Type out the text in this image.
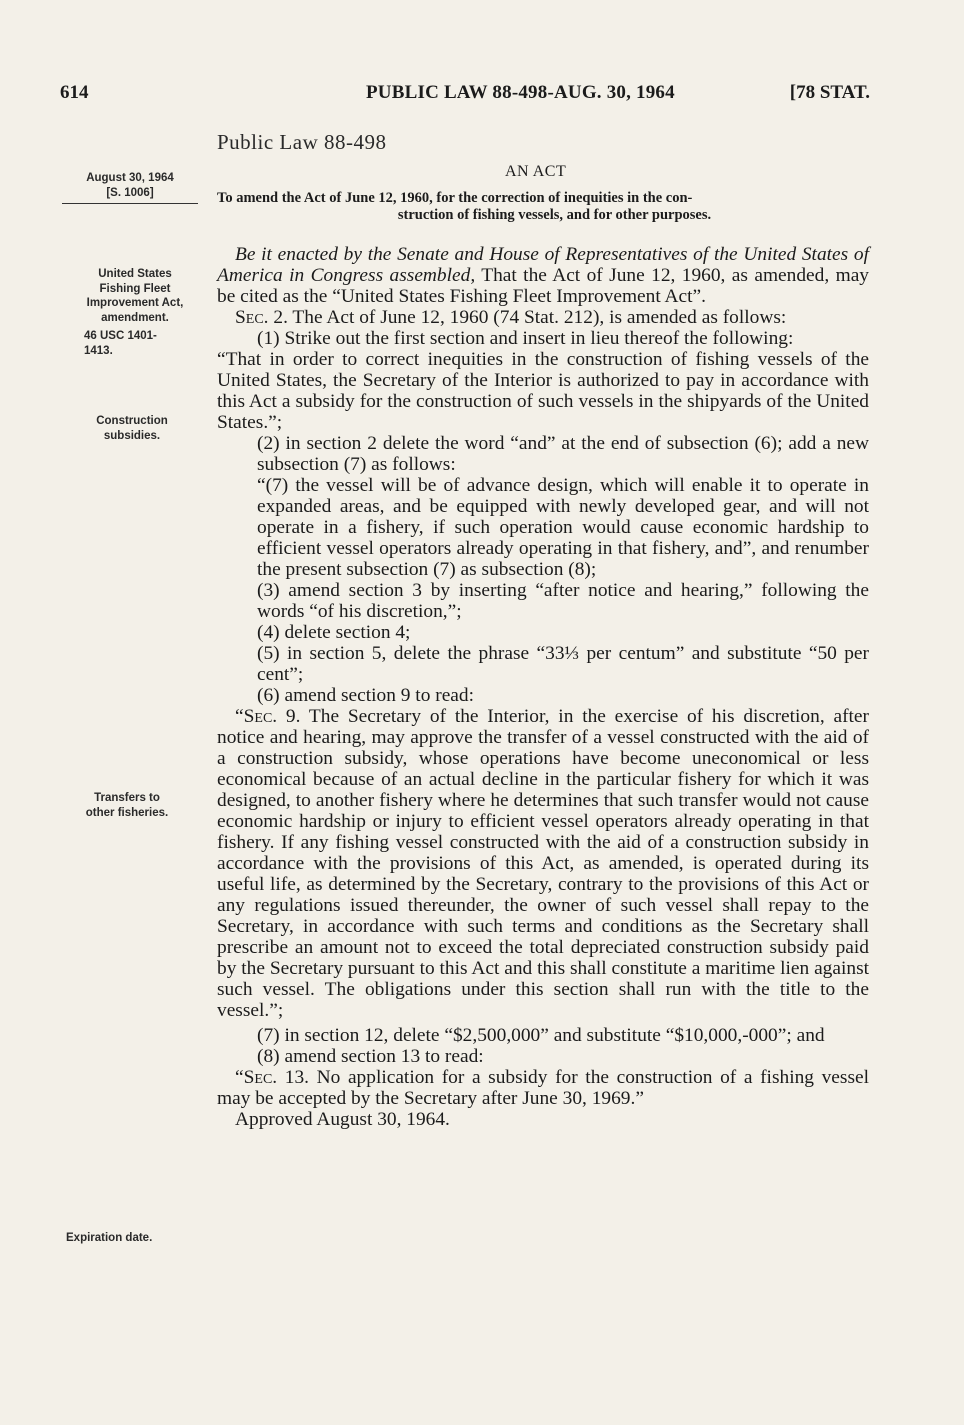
614	PUBLIC LAW 88-498-AUG. 30, 1964	[78 STAT.
Public Law 88-498
AN ACT
To amend the Act of June 12, 1960, for the correction of inequities in the con-
struction of fishing vessels, and for other purposes.
August 30, 1964
[S. 1006]
United States
Fishing Fleet
Improvement Act,
amendment.
46 USC 1401-
1413.
Construction
subsidies.
Transfers to
other fisheries.
Expiration date.

Be it enacted by the Senate and House of Representatives of the United States of America in Congress assembled, That the Act of June 12, 1960, as amended, may be cited as the “United States Fishing Fleet Improvement Act”.

Sec. 2. The Act of June 12, 1960 (74 Stat. 212), is amended as follows:

(1) Strike out the first section and insert in lieu thereof the following:

“That in order to correct inequities in the construction of fishing vessels of the United States, the Secretary of the Interior is authorized to pay in accordance with this Act a subsidy for the construction of such vessels in the shipyards of the United States.”;

(2) in section 2 delete the word “and” at the end of subsection (6); add a new subsection (7) as follows:

“(7) the vessel will be of advance design, which will enable it to operate in expanded areas, and be equipped with newly developed gear, and will not operate in a fishery, if such operation would cause economic hardship to efficient vessel operators already operating in that fishery, and”, and renumber the present subsection (7) as subsection (8);

(3) amend section 3 by inserting “after notice and hearing,” following the words “of his discretion,”;

(4) delete section 4;

(5) in section 5, delete the phrase “33⅓ per centum” and substitute “50 per cent”;

(6) amend section 9 to read:

“Sec. 9. The Secretary of the Interior, in the exercise of his discretion, after notice and hearing, may approve the transfer of a vessel constructed with the aid of a construction subsidy, whose operations have become uneconomical or less economical because of an actual decline in the particular fishery for which it was designed, to another fishery where he determines that such transfer would not cause economic hardship or injury to efficient vessel operators already operating in that fishery. If any fishing vessel constructed with the aid of a construction subsidy in accordance with the provisions of this Act, as amended, is operated during its useful life, as determined by the Secretary, contrary to the provisions of this Act or any regulations issued thereunder, the owner of such vessel shall repay to the Secretary, in accordance with such terms and conditions as the Secretary shall prescribe an amount not to exceed the total depreciated construction subsidy paid by the Secretary pursuant to this Act and this shall constitute a maritime lien against such vessel. The obligations under this section shall run with the title to the vessel.”;

(7) in section 12, delete “$2,500,000” and substitute “$10,000,-000”; and

(8) amend section 13 to read:

“Sec. 13. No application for a subsidy for the construction of a fishing vessel may be accepted by the Secretary after June 30, 1969.”

Approved August 30, 1964.
